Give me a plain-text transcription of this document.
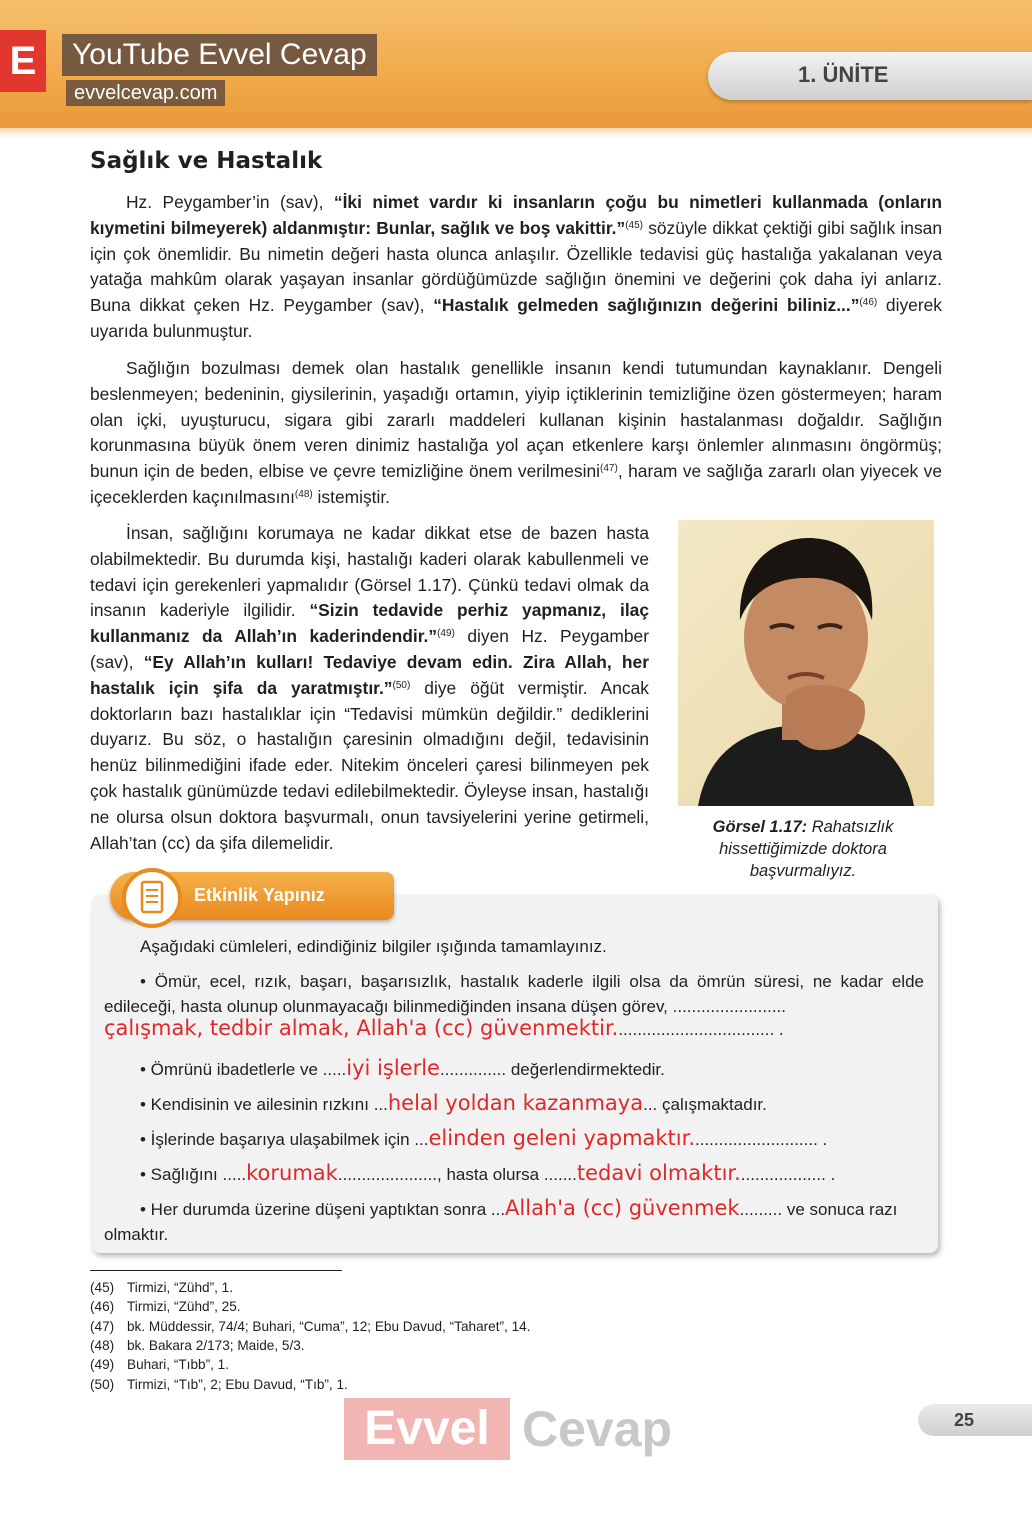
E	YouTube Evvel Cevap
evvelcevap.com
1. ÜNİTE
Sağlık ve Hastalık

Hz. Peygamber’in (sav), “İki nimet vardır ki insanların çoğu bu nimetleri kullanmada (onların kıymetini bilmeyerek) aldanmıştır: Bunlar, sağlık ve boş vakittir.”$^{(45)}$ sözüyle dikkat çektiği gibi sağlık insan için çok önemlidir. Bu nimetin değeri hasta olunca anlaşılır. Özellikle tedavisi güç hastalığa yakalanan veya yatağa mahkûm olarak yaşayan insanlar gördüğümüzde sağlığın önemini ve değerini çok daha iyi anlarız. Buna dikkat çeken Hz. Peygamber (sav), “Hastalık gelmeden sağlığınızın değerini biliniz...”$^{(46)}$ diyerek uyarıda bulunmuştur.

Sağlığın bozulması demek olan hastalık genellikle insanın kendi tutumundan kaynaklanır. Dengeli beslenmeyen; bedeninin, giysilerinin, yaşadığı ortamın, yiyip içtiklerinin temizliğine özen göstermeyen; haram olan içki, uyuşturucu, sigara gibi zararlı maddeleri kullanan kişinin hastalanması doğaldır. Sağlığın korunmasına büyük önem veren dinimiz hastalığa yol açan etkenlere karşı önlemler alınmasını öngörmüş; bunun için de beden, elbise ve çevre temizliğine önem verilmesini$^{(47)}$, haram ve sağlığa zararlı olan yiyecek ve içeceklerden kaçınılmasını$^{(48)}$ istemiştir.

İnsan, sağlığını korumaya ne kadar dikkat etse de bazen hasta olabilmektedir. Bu durumda kişi, hastalığı kaderi olarak kabullenmeli ve tedavi için gerekenleri yapmalıdır (Görsel 1.17). Çünkü tedavi olmak da insanın kaderiyle ilgilidir. “Sizin tedavide perhiz yapmanız, ilaç kullanmanız da Allah’ın kaderindendir.”$^{(49)}$ diyen Hz. Peygamber (sav), “Ey Allah’ın kulları! Tedaviye devam edin. Zira Allah, her hastalık için şifa da yaratmıştır.”$^{(50)}$ diye öğüt vermiştir. Ancak doktorların bazı hastalıklar için “Tedavisi mümkün değildir.” dediklerini duyarız. Bu söz, o hastalığın çaresinin olmadığını değil, tedavisinin henüz bilinmediğini ifade eder. Nitekim önceleri çaresi bilinmeyen pek çok hastalık günümüzde tedavi edilebilmektedir. Öyleyse insan, hastalığı ne olursa olsun doktora başvurmalı, onun tavsiyelerini yerine getirmeli, Allah’tan (cc) da şifa dilemelidir.

Görsel 1.17: Rahatsızlık hissettiğimizde doktora başvurmalıyız.
Etkinlik Yapınız
Aşağıdaki cümleleri, edindiğiniz bilgiler ışığında tamamlayınız.
• Ömür, ecel, rızık, başarı, başarısızlık, hastalık kaderle ilgili olsa da ömrün süresi, ne kadar elde edileceği, hasta olunup olunmayacağı bilinmediğinden insana düşen görev, ........................
çalışmak, tedbir almak, Allah'a (cc) güvenmektir.................................. .
• Ömrünü ibadetlerle ve .....iyi işlerle.............. değerlendirmektedir.
• Kendisinin ve ailesinin rızkını ...helal yoldan kazanmaya... çalışmaktadır.
• İşlerinde başarıya ulaşabilmek için ...elinden geleni yapmaktır........................... .
• Sağlığını .....korumak....................., hasta olursa .......tedavi olmaktır................... .
• Her durumda üzerine düşeni yaptıktan sonra ...Allah'a (cc) güvenmek......... ve sonuca razı olmaktır.
(45) Tirmizi, “Zühd”, 1.
(46) Tirmizi, “Zühd”, 25.
(47) bk. Müddessir, 74/4; Buhari, “Cuma”, 12; Ebu Davud, “Taharet”, 14.
(48) bk. Bakara 2/173; Maide, 5/3.
(49) Buhari, “Tıbb”, 1.
(50) Tirmizi, “Tıb”, 2; Ebu Davud, “Tıb”, 1.
25
Evvel Cevap
